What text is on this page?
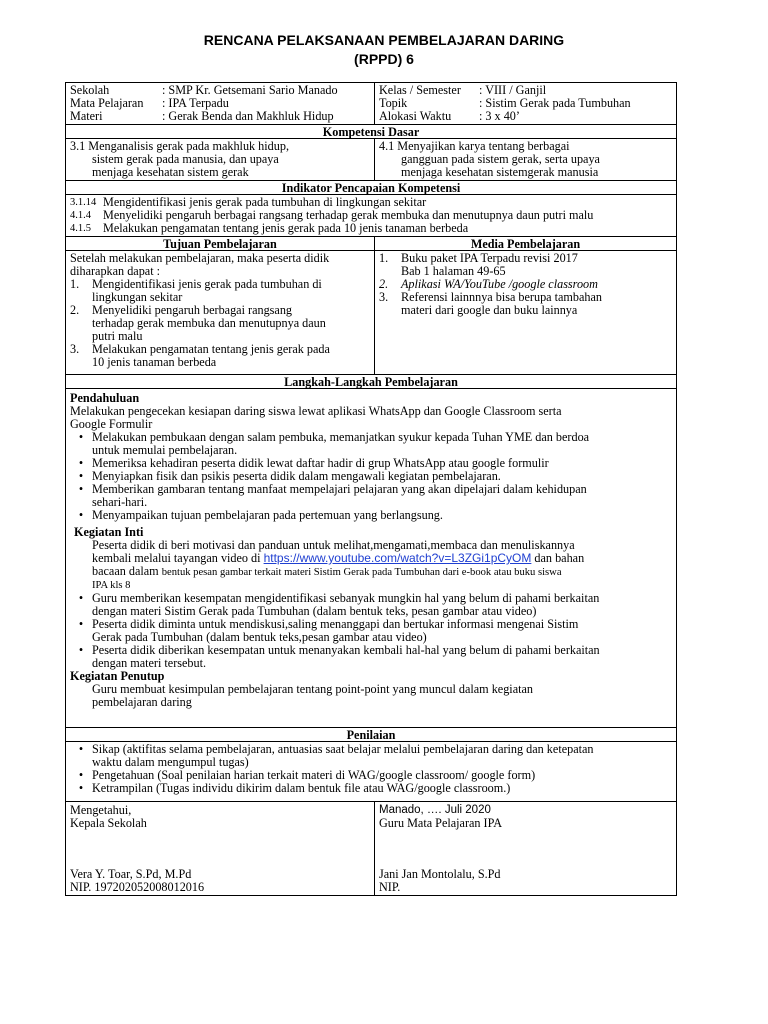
RENCANA PELAKSANAAN PEMBELAJARAN DARING
(RPPD) 6
Sekolah	: SMP Kr. Getsemani Sario Manado
Mata Pelajaran	: IPA Terpadu
Materi	: Gerak Benda dan Makhluk Hidup
Kelas / Semester	: VIII / Ganjil
Topik	: Sistim Gerak pada Tumbuhan
Alokasi Waktu	: 3 x 40’
Kompetensi Dasar
3.1 Menganalisis gerak pada makhluk hidup,
sistem gerak pada manusia, dan upaya
menjaga kesehatan sistem gerak
4.1 Menyajikan karya tentang berbagai
gangguan pada sistem gerak, serta upaya
menjaga kesehatan sistemgerak manusia
Indikator Pencapaian Kompetensi
3.1.14 Mengidentifikasi jenis gerak pada tumbuhan di lingkungan sekitar
4.1.4 Menyelidiki pengaruh berbagai rangsang terhadap gerak membuka dan menutupnya daun putri malu
4.1.5 Melakukan pengamatan tentang jenis gerak pada 10 jenis tanaman berbeda
Tujuan Pembelajaran	Media Pembelajaran
Setelah melakukan pembelajaran, maka peserta didik
diharapkan dapat :
1.	Mengidentifikasi jenis gerak pada tumbuhan di
lingkungan sekitar
2.	Menyelidiki pengaruh berbagai rangsang
terhadap gerak membuka dan menutupnya daun
putri malu
3.	Melakukan pengamatan tentang jenis gerak pada
10 jenis tanaman berbeda
1.	Buku paket IPA Terpadu revisi 2017
Bab 1 halaman 49-65
2.	Aplikasi WA/YouTube /google classroom
3.	Referensi lainnnya bisa berupa tambahan
materi dari google dan buku lainnya
Langkah-Langkah Pembelajaran
Pendahuluan
Melakukan pengecekan kesiapan daring siswa lewat aplikasi WhatsApp dan Google Classroom serta
Google Formulir
• Melakukan pembukaan dengan salam pembuka, memanjatkan syukur kepada Tuhan YME dan berdoa
untuk memulai pembelajaran.
• Memeriksa kehadiran peserta didik lewat daftar hadir di grup WhatsApp atau google formulir
• Menyiapkan fisik dan psikis peserta didik dalam mengawali kegiatan pembelajaran.
• Memberikan gambaran tentang manfaat mempelajari pelajaran yang akan dipelajari dalam kehidupan
sehari-hari.
• Menyampaikan tujuan pembelajaran pada pertemuan yang berlangsung.
Kegiatan Inti
Peserta didik di beri motivasi dan panduan untuk melihat,mengamati,membaca dan menuliskannya
kembali melalui tayangan video di https://www.youtube.com/watch?v=L3ZGi1pCyOM dan bahan
bacaan dalam bentuk pesan gambar terkait materi Sistim Gerak pada Tumbuhan dari e-book atau buku siswa
IPA kls 8
• Guru memberikan kesempatan mengidentifikasi sebanyak mungkin hal yang belum di pahami berkaitan
dengan materi Sistim Gerak pada Tumbuhan (dalam bentuk teks, pesan gambar atau video)
• Peserta didik diminta untuk mendiskusi,saling menanggapi dan bertukar informasi mengenai Sistim
Gerak pada Tumbuhan (dalam bentuk teks,pesan gambar atau video)
• Peserta didik diberikan kesempatan untuk menanyakan kembali hal-hal yang belum di pahami berkaitan
dengan materi tersebut.
Kegiatan Penutup
Guru membuat kesimpulan pembelajaran tentang point-point yang muncul dalam kegiatan
pembelajaran daring
Penilaian
• Sikap (aktifitas selama pembelajaran, antuasias saat belajar melalui pembelajaran daring dan ketepatan
waktu dalam mengumpul tugas)
• Pengetahuan (Soal penilaian harian terkait materi di WAG/google classroom/ google form)
• Ketrampilan (Tugas individu dikirim dalam bentuk file atau WAG/google classroom.)
Mengetahui,
Kepala Sekolah
Vera Y. Toar, S.Pd, M.Pd
NIP. 197202052008012016
Manado, …. Juli 2020
Guru Mata Pelajaran IPA
Jani Jan Montolalu, S.Pd
NIP.
